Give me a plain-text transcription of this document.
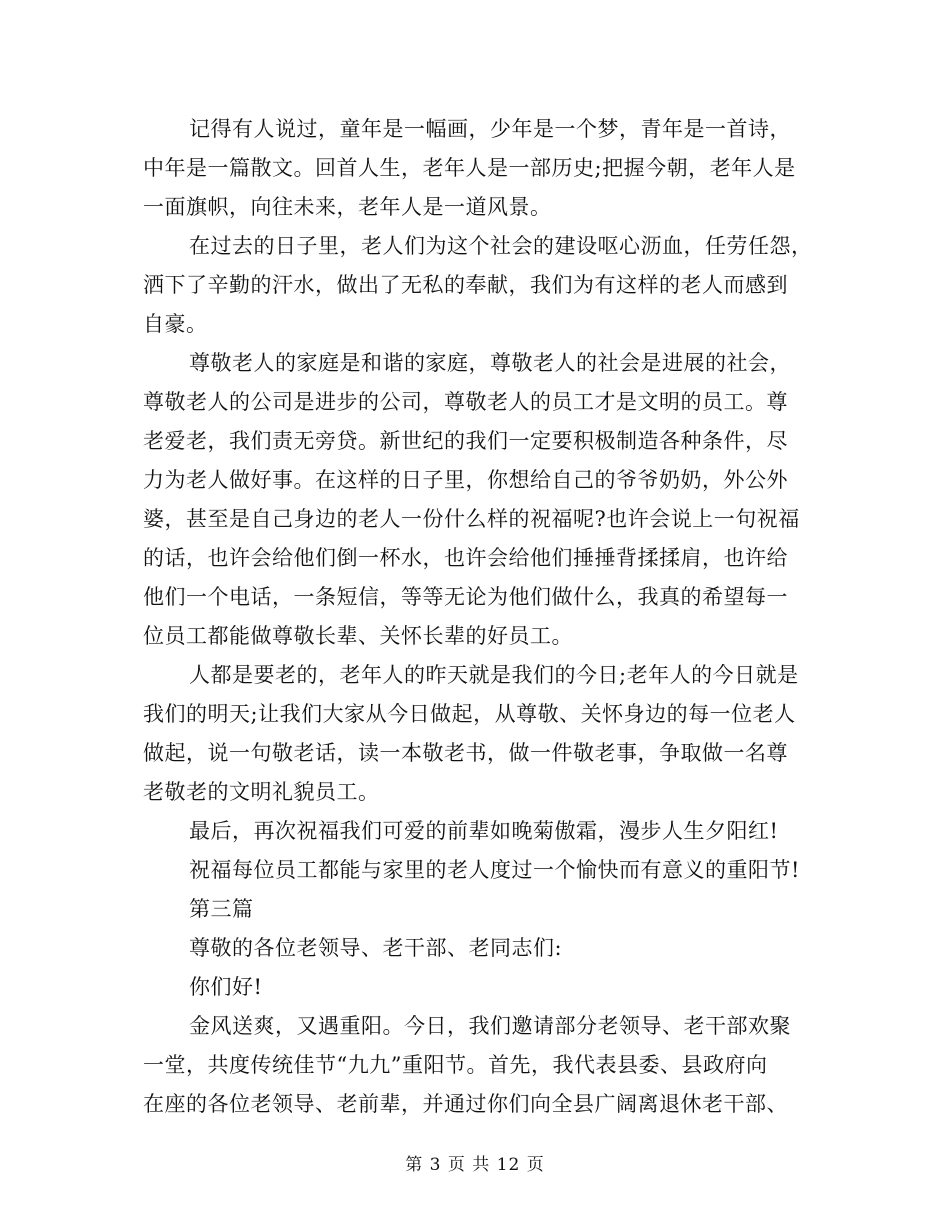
记得有人说过，童年是一幅画，少年是一个梦，青年是一首诗，
中年是一篇散文。回首人生，老年人是一部历史;把握今朝，老年人是
一面旗帜，向往未来，老年人是一道风景。
在过去的日子里，老人们为这个社会的建设呕心沥血，任劳任怨，
洒下了辛勤的汗水，做出了无私的奉献，我们为有这样的老人而感到
自豪。
尊敬老人的家庭是和谐的家庭，尊敬老人的社会是进展的社会，
尊敬老人的公司是进步的公司，尊敬老人的员工才是文明的员工。尊
老爱老，我们责无旁贷。新世纪的我们一定要积极制造各种条件，尽
力为老人做好事。在这样的日子里，你想给自己的爷爷奶奶，外公外
婆，甚至是自己身边的老人一份什么样的祝福呢?也许会说上一句祝福
的话，也许会给他们倒一杯水，也许会给他们捶捶背揉揉肩，也许给
他们一个电话，一条短信，等等无论为他们做什么，我真的希望每一
位员工都能做尊敬长辈、关怀长辈的好员工。
人都是要老的，老年人的昨天就是我们的今日;老年人的今日就是
我们的明天;让我们大家从今日做起，从尊敬、关怀身边的每一位老人
做起，说一句敬老话，读一本敬老书，做一件敬老事，争取做一名尊
老敬老的文明礼貌员工。
最后，再次祝福我们可爱的前辈如晚菊傲霜，漫步人生夕阳红!
祝福每位员工都能与家里的老人度过一个愉快而有意义的重阳节!
第三篇
尊敬的各位老领导、老干部、老同志们:
你们好!
金风送爽，又遇重阳。今日，我们邀请部分老领导、老干部欢聚
一堂，共度传统佳节“九九”重阳节。首先，我代表县委、县政府向
在座的各位老领导、老前辈，并通过你们向全县广阔离退休老干部、
第 3 页 共 12 页
